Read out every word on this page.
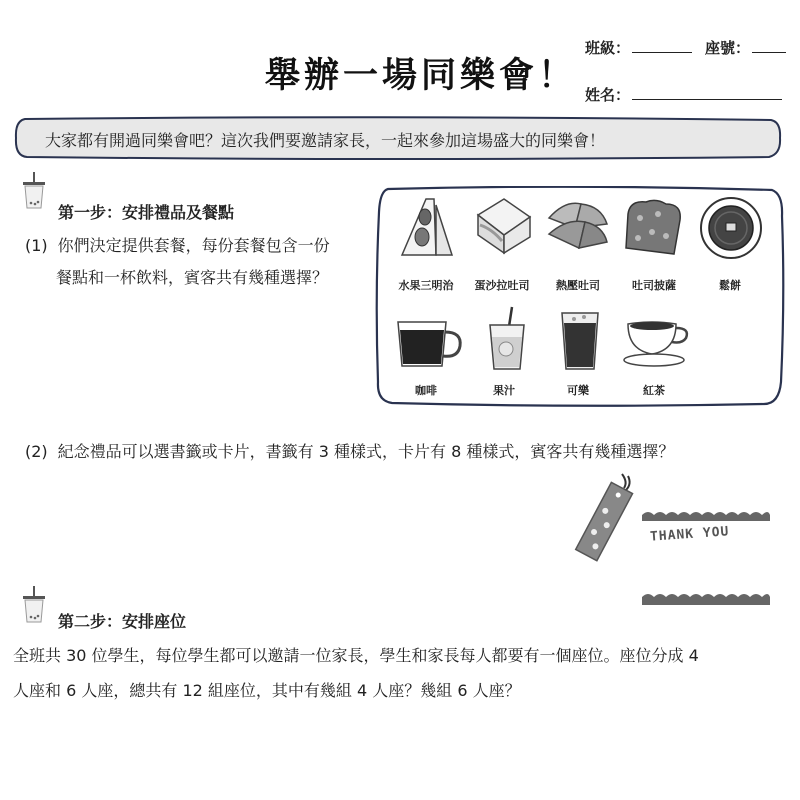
舉辦一場同樂會！
班級：	座號：
姓名：
大家都有開過同樂會吧？這次我們要邀請家長，一起來參加這場盛大的同樂會！
第一步：安排禮品及餐點
(1) 你們決定提供套餐，每份套餐包含一份
餐點和一杯飲料，賓客共有幾種選擇？	水果三明治	蛋沙拉吐司	熱壓吐司	吐司披薩	鬆餅
咖啡	果汁	可樂	紅茶
(2) 紀念禮品可以選書籤或卡片，書籤有 3 種樣式，卡片有 8 種樣式，賓客共有幾種選擇？
THANK YOU
第二步：安排座位
全班共 30 位學生，每位學生都可以邀請一位家長，學生和家長每人都要有一個座位。座位分成 4
人座和 6 人座，總共有 12 組座位，其中有幾組 4 人座？幾組 6 人座？
